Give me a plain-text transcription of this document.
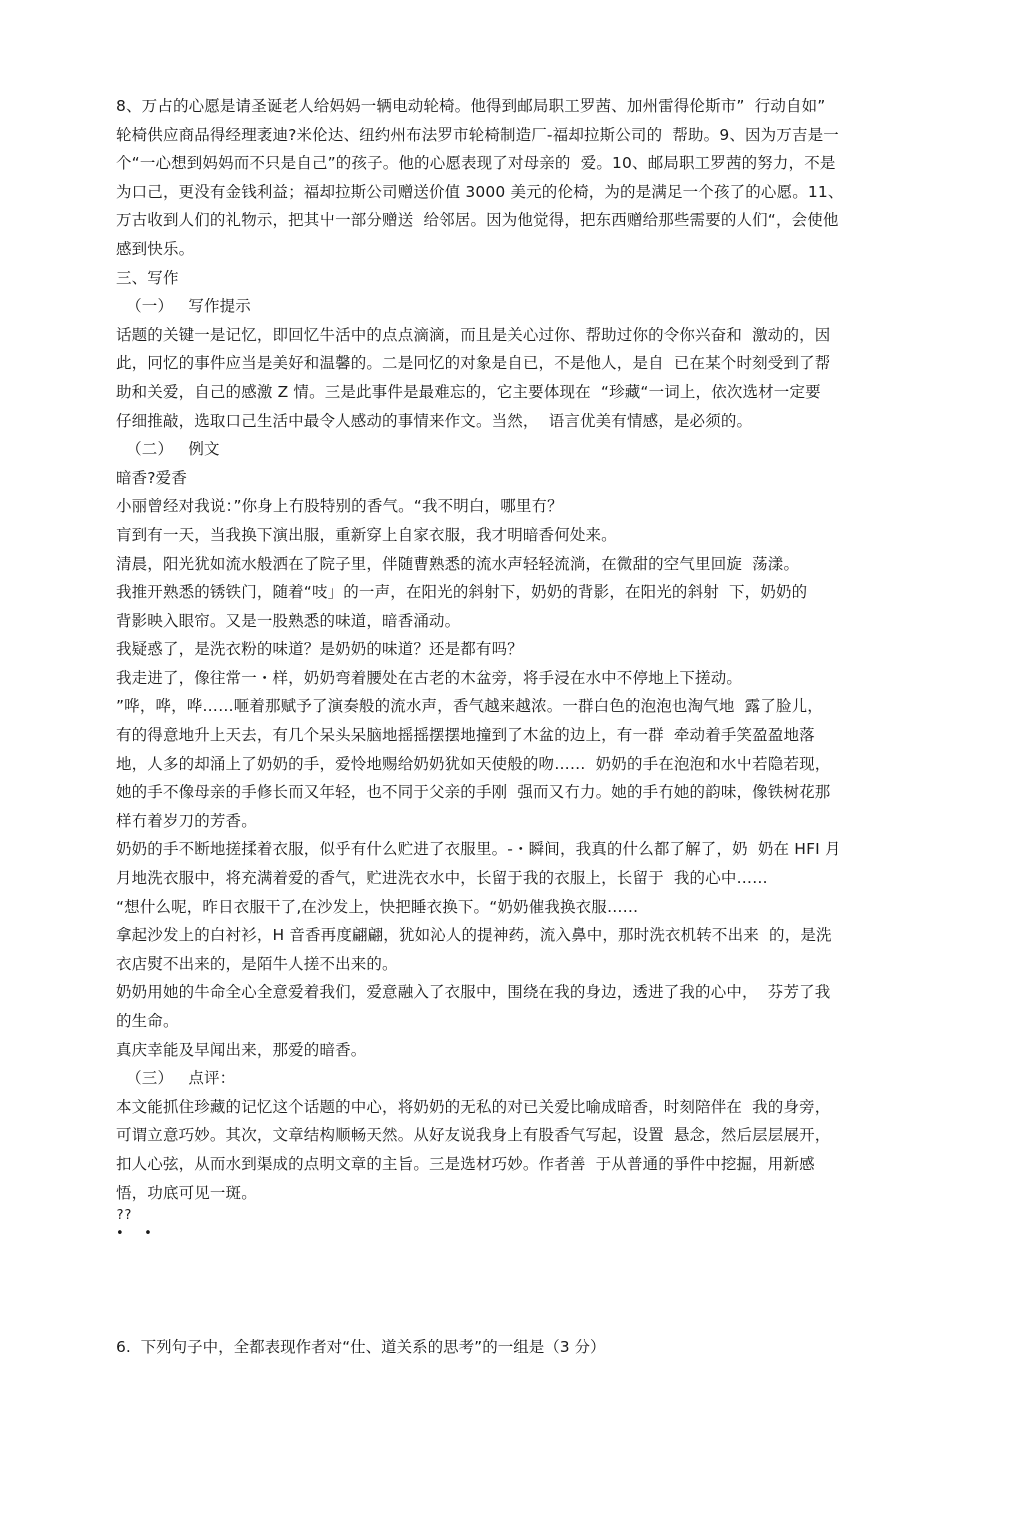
8、万占的心愿是请圣诞老人给妈妈一辆电动轮椅。他得到邮局职工罗茜、加州雷得伦斯市”  行动自如”
轮椅供应商品得经理袤迪?米伦达、纽约州布法罗市轮椅制造厂-福却拉斯公司的  帮助。9、因为万吉是一
个“一心想到妈妈而不只是自己”的孩子。他的心愿表现了对母亲的  爱。10、邮局职工罗茜的努力，不是
为口己，更没有金钱利益；福却拉斯公司赠送价值 3000 美元的伦椅，为的是满足一个孩了的心愿。11、
万古收到人们的礼物示，把其屮一部分赠送  给邻居。因为他觉得，把东西赠给那些需要的人们“，会使他
感到快乐。
三、写作
（一）   写作提示
话题的关键一是记忆，即回忆牛活中的点点滴滴，而且是关心过你、帮助过你的令你兴奋和  激动的，因
此，冋忆的事件应当是美好和温馨的。二是冋忆的对象是自已，不是他人，是自  已在某个时刻受到了帮
助和关爱，自己的感激 Z 情。三是此事件是最难忘的，它主要体现在  “珍藏“一词上，依次选材一定要
仔细推敲，选取口己生活中最令人感动的事情来作文。当然，  语言优美有情感，是必须的。
（二）   例文
暗香?爱香
小丽曾经对我说：”你身上冇股特别的香气。“我不明白，哪里冇？
肓到有一天，当我换下演出服，重新穿上自家衣服，我才明暗香何处来。
清晨，阳光犹如流水般洒在了院子里，伴随曹熟悉的流水声轻轻流淌，在微甜的空气里回旋  荡漾。
我推开熟悉的锈铁门，随着“吱」的一声，在阳光的斜射下，奶奶的背影，在阳光的斜射  下，奶奶的
背影映入眼帘。又是一股熟悉的味道，暗香涌动。
我疑惑了，是洗衣粉的味道？是奶奶的味道？还是都有吗？
我走进了，像往常一・样，奶奶弯着腰处在古老的木盆旁，将手浸在水中不停地上下搓动。
”哗，哗，哗……咂着那赋予了演奏般的流水声，香气越来越浓。一群白色的泡泡也淘气地  露了脸儿，
有的得意地升上天去，有几个呆头呆脑地摇摇摆摆地撞到了木盆的边上，有一群  牵动着手笑盈盈地落
地，人多的却涌上了奶奶的手，爱怜地赐给奶奶犹如天使般的吻……  奶奶的手在泡泡和水屮若隐若现，
她的手不像母亲的手修长而又年轻，也不同于父亲的手刚  强而又冇力。她的手冇她的韵味，像铁树花那
样冇着岁刀的芳香。
奶奶的手不断地搓揉着衣服，似乎有什么贮进了衣服里。-・瞬间，我真的什么都了解了，奶  奶在 HFI 月
月地洗衣服中，将充满着爱的香气，贮进洗衣水中，长留于我的衣服上，长留于  我的心中……
“想什么呢，昨日衣服干了,在沙发上，快把睡衣换下。“奶奶催我换衣服……
拿起沙发上的白衬衫，H 音香再度翩翩，犹如沁人的提神药，流入鼻中，那时洗衣机转不出来  的，是洗
衣店熨不出来的，是陌牛人搓不出来的。
奶奶用她的牛命全心全意爱着我们，爱意融入了衣服中，围绕在我的身边，透进了我的心中，  芬芳了我
的生命。
真庆幸能及早闻出来，那爱的暗香。
（三）   点评：
本文能抓住珍藏的记忆这个话题的中心，将奶奶的无私的对已关爱比喻成暗香，时刻陪伴在  我的身旁，
可谓立意巧妙。其次，文章结构顺畅天然。从好友说我身上有股香气写起，设置  悬念，然后层层展开，
扣人心弦，从而水到渠成的点明文章的主旨。三是选材巧妙。作者善  于从普通的爭件中挖掘，用新感
悟，功底可见一斑。
??
•   •
6.  下列句子中，全都表现作者对“仕、道关系的思考”的一组是（3 分）
